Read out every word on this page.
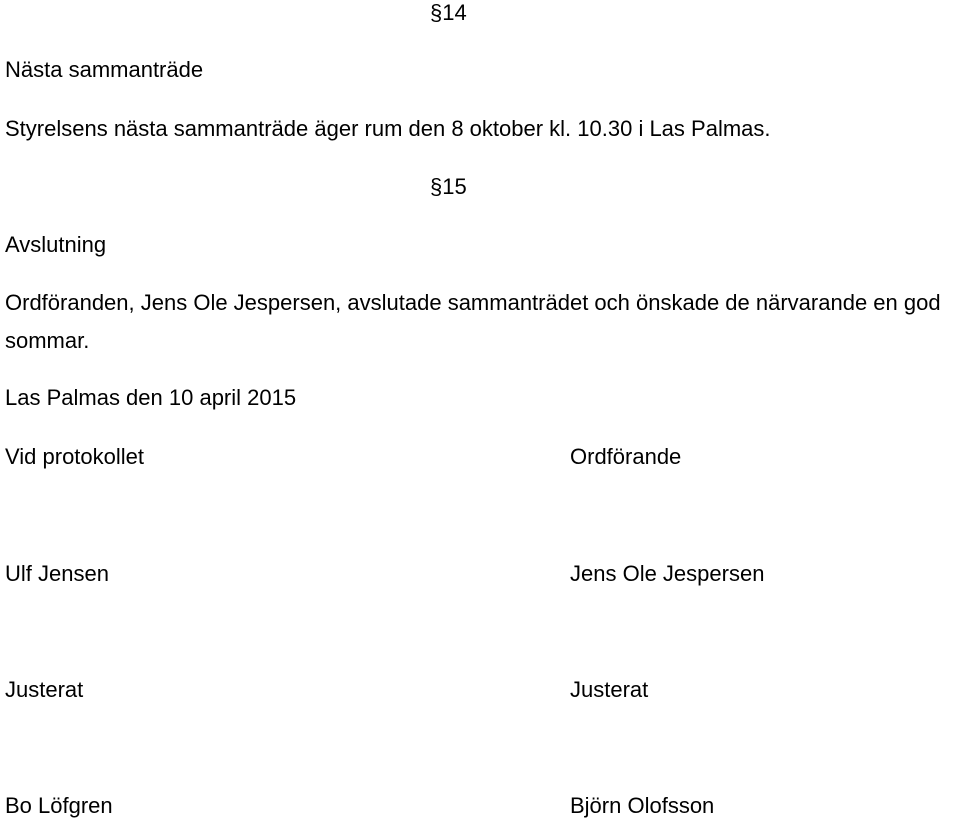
§14
Nästa sammanträde
Styrelsens nästa sammanträde äger rum den 8 oktober kl. 10.30 i Las Palmas.
§15
Avslutning
Ordföranden, Jens Ole Jespersen, avslutade sammanträdet och önskade de närvarande en god sommar.
Las Palmas den 10 april 2015
Vid protokollet	Ordförande
Ulf Jensen	Jens Ole Jespersen
Justerat	Justerat
Bo Löfgren	Björn Olofsson
